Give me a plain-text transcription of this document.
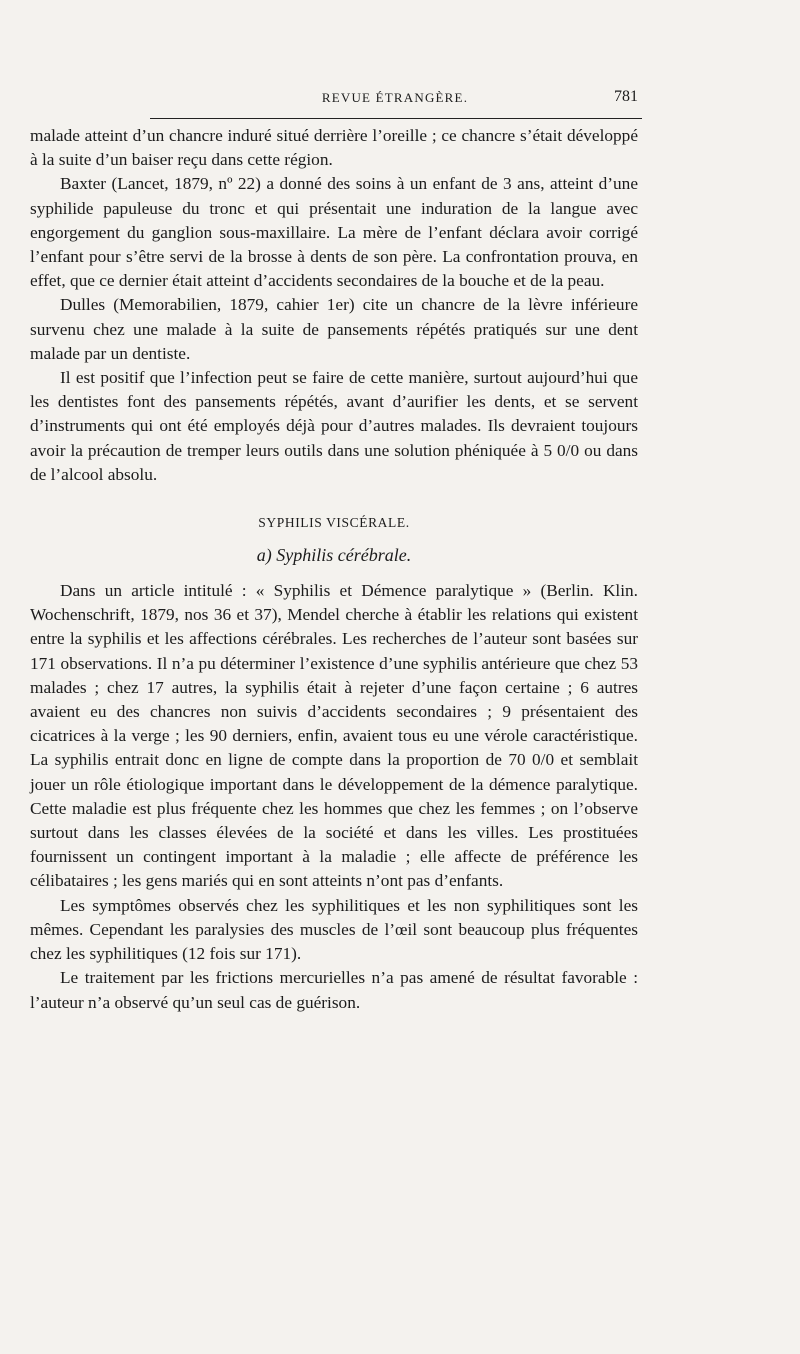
REVUE ÉTRANGÈRE.	781

malade atteint d’un chancre induré situé derrière l’oreille ; ce chancre s’était développé à la suite d’un baiser reçu dans cette région.

Baxter (Lancet, 1879, nº 22) a donné des soins à un enfant de 3 ans, atteint d’une syphilide papuleuse du tronc et qui présentait une induration de la langue avec engorgement du ganglion sous-maxillaire. La mère de l’enfant déclara avoir corrigé l’enfant pour s’être servi de la brosse à dents de son père. La confrontation prouva, en effet, que ce dernier était atteint d’accidents secondaires de la bouche et de la peau.

Dulles (Memorabilien, 1879, cahier 1er) cite un chancre de la lèvre inférieure survenu chez une malade à la suite de pansements répétés pratiqués sur une dent malade par un dentiste.

Il est positif que l’infection peut se faire de cette manière, surtout aujourd’hui que les dentistes font des pansements répétés, avant d’aurifier les dents, et se servent d’instruments qui ont été employés déjà pour d’autres malades. Ils devraient toujours avoir la précaution de tremper leurs outils dans une solution phéniquée à 5 0/0 ou dans de l’alcool absolu.

SYPHILIS VISCÉRALE.
a) Syphilis cérébrale.

Dans un article intitulé : « Syphilis et Démence paralytique » (Berlin. Klin. Wochenschrift, 1879, nos 36 et 37), Mendel cherche à établir les relations qui existent entre la syphilis et les affections cérébrales. Les recherches de l’auteur sont basées sur 171 observations. Il n’a pu déterminer l’existence d’une syphilis antérieure que chez 53 malades ; chez 17 autres, la syphilis était à rejeter d’une façon certaine ; 6 autres avaient eu des chancres non suivis d’accidents secondaires ; 9 présentaient des cicatrices à la verge ; les 90 derniers, enfin, avaient tous eu une vérole caractéristique. La syphilis entrait donc en ligne de compte dans la proportion de 70 0/0 et semblait jouer un rôle étiologique important dans le développement de la démence paralytique. Cette maladie est plus fréquente chez les hommes que chez les femmes ; on l’observe surtout dans les classes élevées de la société et dans les villes. Les prostituées fournissent un contingent important à la maladie ; elle affecte de préférence les célibataires ; les gens mariés qui en sont atteints n’ont pas d’enfants.

Les symptômes observés chez les syphilitiques et les non syphilitiques sont les mêmes. Cependant les paralysies des muscles de l’œil sont beaucoup plus fréquentes chez les syphilitiques (12 fois sur 171).

Le traitement par les frictions mercurielles n’a pas amené de résultat favorable : l’auteur n’a observé qu’un seul cas de guérison.
